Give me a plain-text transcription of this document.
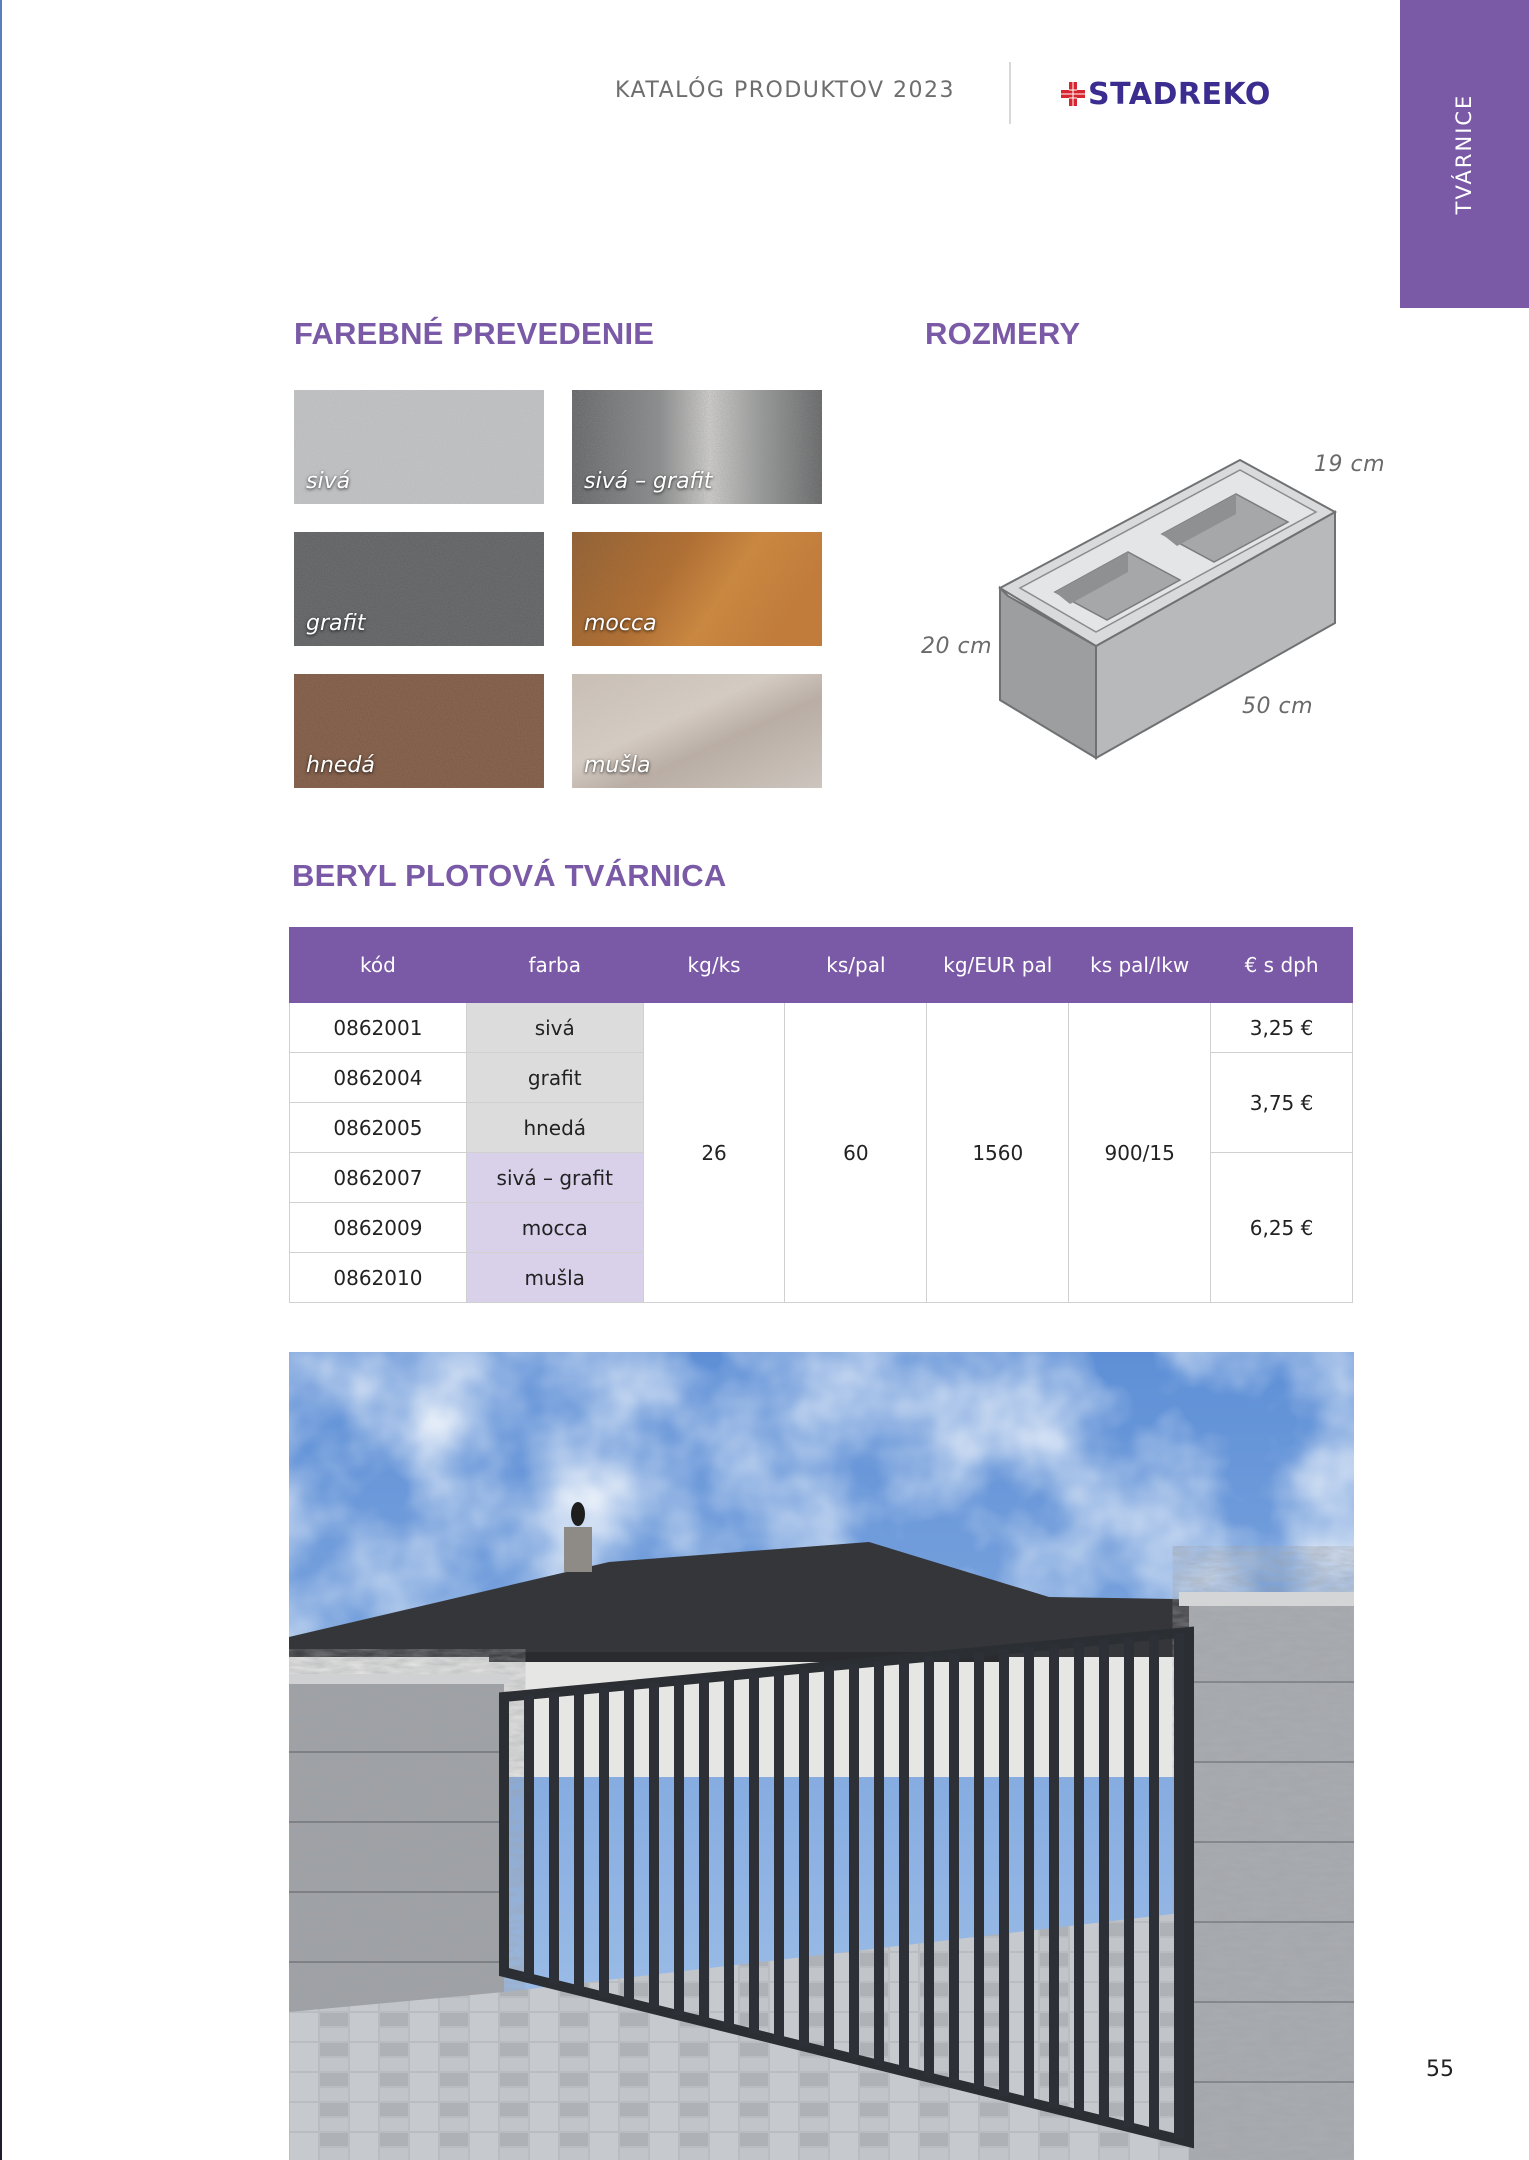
KATALÓG PRODUKTOV 2023	STADREKO	TVÁRNICE
FAREBNÉ PREVEDENIE
sivá	sivá – grafit
grafit	mocca
hnedá	mušla
ROZMERY
19 cm
20 cm
50 cm
BERYL PLOTOVÁ TVÁRNICA
kód	farba	kg/ks	ks/pal	kg/EUR pal	ks pal/lkw	€ s dph
0862001	sivá	26	60	1560	900/15	3,25 €
0862004	grafit					3,75 €
0862005	hnedá					
0862007	sivá – grafit					6,25 €
0862009	mocca					
0862010	mušla					
55
